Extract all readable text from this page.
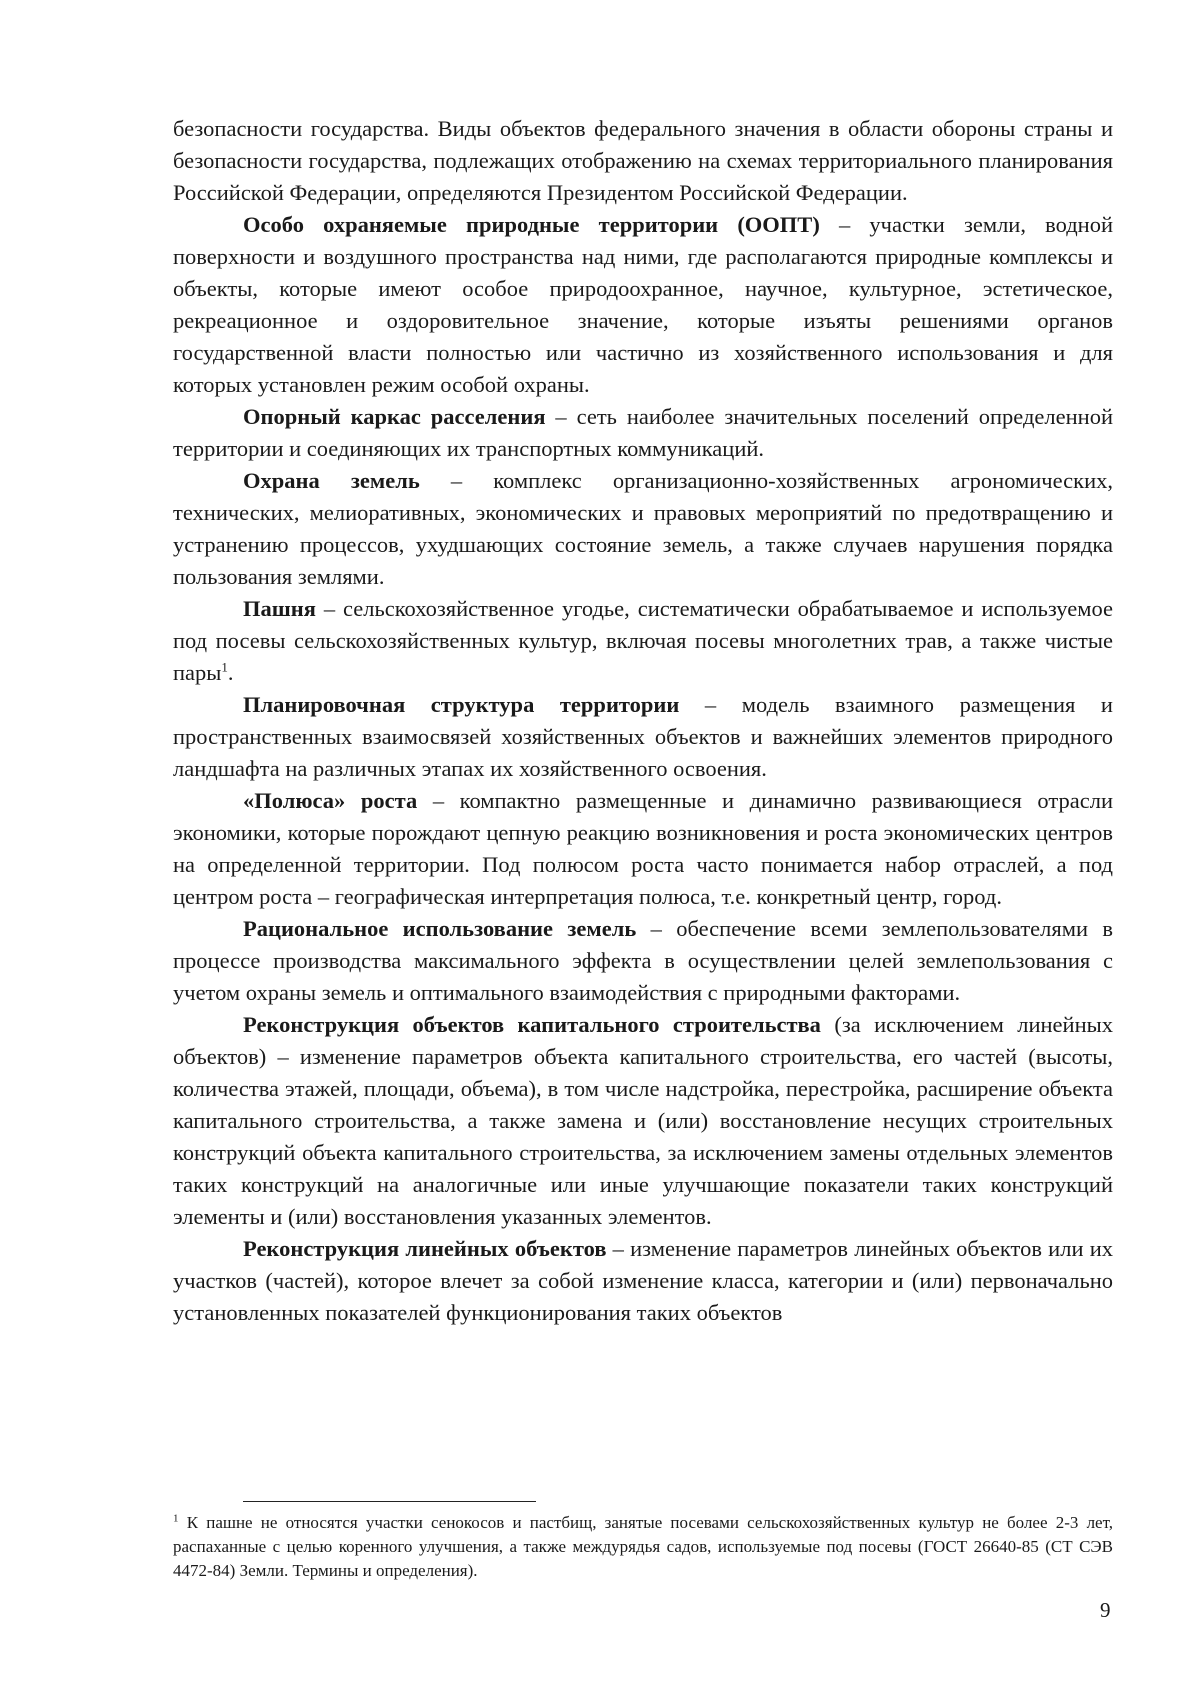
безопасности государства. Виды объектов федерального значения в области обороны страны и безопасности государства, подлежащих отображению на схемах территориального планирования Российской Федерации, определяются Президентом Российской Федерации.

Особо охраняемые природные территории (ООПТ) – участки земли, водной поверхности и воздушного пространства над ними, где располагаются природные комплексы и объекты, которые имеют особое природоохранное, научное, культурное, эстетическое, рекреационное и оздоровительное значение, которые изъяты решениями органов государственной власти полностью или частично из хозяйственного использования и для которых установлен режим особой охраны.

Опорный каркас расселения – сеть наиболее значительных поселений определенной территории и соединяющих их транспортных коммуникаций.

Охрана земель – комплекс организационно-хозяйственных агрономических, технических, мелиоративных, экономических и правовых мероприятий по предотвращению и устранению процессов, ухудшающих состояние земель, а также случаев нарушения порядка пользования землями.

Пашня – сельскохозяйственное угодье, систематически обрабатываемое и используемое под посевы сельскохозяйственных культур, включая посевы многолетних трав, а также чистые пары$^1$.

Планировочная структура территории – модель взаимного размещения и пространственных взаимосвязей хозяйственных объектов и важнейших элементов природного ландшафта на различных этапах их хозяйственного освоения.

«Полюса» роста – компактно размещенные и динамично развивающиеся отрасли экономики, которые порождают цепную реакцию возникновения и роста экономических центров на определенной территории. Под полюсом роста часто понимается набор отраслей, а под центром роста – географическая интерпретация полюса, т.е. конкретный центр, город.

Рациональное использование земель – обеспечение всеми землепользователями в процессе производства максимального эффекта в осуществлении целей землепользования с учетом охраны земель и оптимального взаимодействия с природными факторами.

Реконструкция объектов капитального строительства (за исключением линейных объектов) – изменение параметров объекта капитального строительства, его частей (высоты, количества этажей, площади, объема), в том числе надстройка, перестройка, расширение объекта капитального строительства, а также замена и (или) восстановление несущих строительных конструкций объекта капитального строительства, за исключением замены отдельных элементов таких конструкций на аналогичные или иные улучшающие показатели таких конструкций элементы и (или) восстановления указанных элементов.

Реконструкция линейных объектов – изменение параметров линейных объектов или их участков (частей), которое влечет за собой изменение класса, категории и (или) первоначально установленных показателей функционирования таких объектов

$^1$ К пашне не относятся участки сенокосов и пастбищ, занятые посевами сельскохозяйственных культур не более 2-3 лет, распаханные с целью коренного улучшения, а также междурядья садов, используемые под посевы (ГОСТ 26640-85 (СТ СЭВ 4472-84) Земли. Термины и определения).

9
